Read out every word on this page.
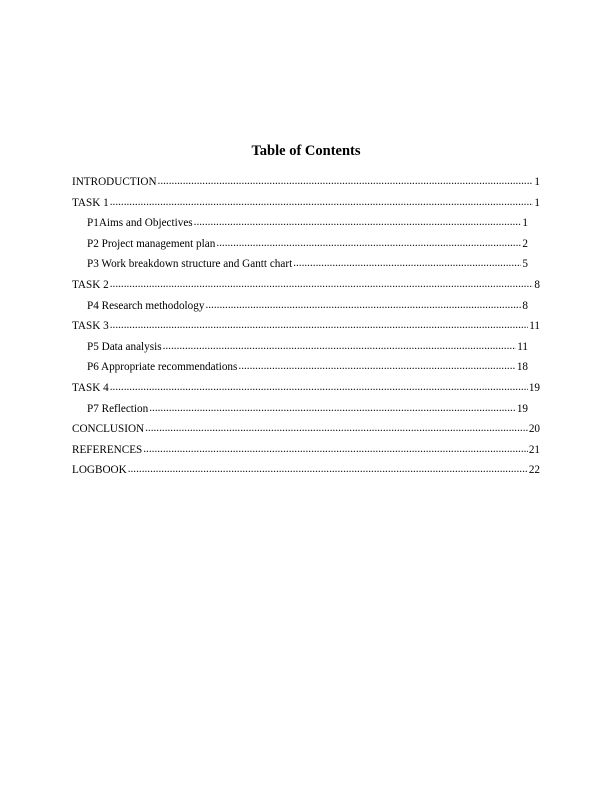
Table of Contents
INTRODUCTION .....	1
TASK 1 .....	1
P1Aims and Objectives .....	1
P2 Project management plan .....	2
P3 Work breakdown structure and Gantt chart .....	5
TASK 2 .....	8
P4 Research methodology .....	8
TASK 3 .....	11
P5 Data analysis .....	11
P6 Appropriate recommendations .....	18
TASK 4 .....	19
P7 Reflection .....	19
CONCLUSION .....	20
REFERENCES .....	21
LOGBOOK .....	22
